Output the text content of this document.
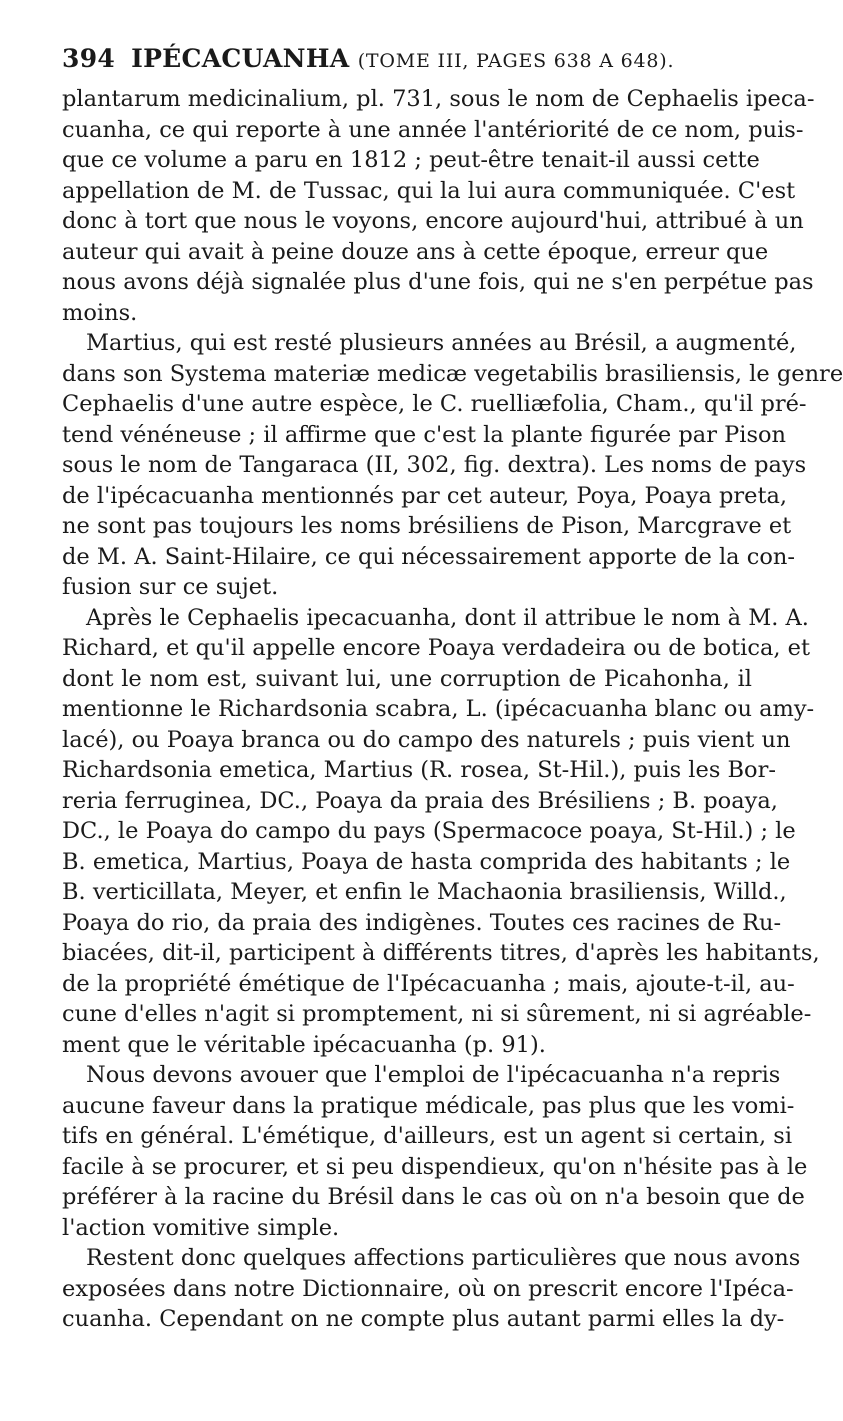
394 IPÉCACUANHA (TOME III, PAGES 638 A 648).
plantarum medicinalium, pl. 731, sous le nom de Cephaelis ipeca-
cuanha, ce qui reporte à une année l'antériorité de ce nom, puis-
que ce volume a paru en 1812 ; peut-être tenait-il aussi cette
appellation de M. de Tussac, qui la lui aura communiquée. C'est
donc à tort que nous le voyons, encore aujourd'hui, attribué à un
auteur qui avait à peine douze ans à cette époque, erreur que
nous avons déjà signalée plus d'une fois, qui ne s'en perpétue pas
moins.
Martius, qui est resté plusieurs années au Brésil, a augmenté,
dans son Systema materiæ medicæ vegetabilis brasiliensis, le genre
Cephaelis d'une autre espèce, le C. ruelliæfolia, Cham., qu'il pré-
tend vénéneuse ; il affirme que c'est la plante figurée par Pison
sous le nom de Tangaraca (II, 302, fig. dextra). Les noms de pays
de l'ipécacuanha mentionnés par cet auteur, Poya, Poaya preta,
ne sont pas toujours les noms brésiliens de Pison, Marcgrave et
de M. A. Saint-Hilaire, ce qui nécessairement apporte de la con-
fusion sur ce sujet.
Après le Cephaelis ipecacuanha, dont il attribue le nom à M. A.
Richard, et qu'il appelle encore Poaya verdadeira ou de botica, et
dont le nom est, suivant lui, une corruption de Picahonha, il
mentionne le Richardsonia scabra, L. (ipécacuanha blanc ou amy-
lacé), ou Poaya branca ou do campo des naturels ; puis vient un
Richardsonia emetica, Martius (R. rosea, St-Hil.), puis les Bor-
reria ferruginea, DC., Poaya da praia des Brésiliens ; B. poaya,
DC., le Poaya do campo du pays (Spermacoce poaya, St-Hil.) ; le
B. emetica, Martius, Poaya de hasta comprida des habitants ; le
B. verticillata, Meyer, et enfin le Machaonia brasiliensis, Willd.,
Poaya do rio, da praia des indigènes. Toutes ces racines de Ru-
biacées, dit-il, participent à différents titres, d'après les habitants,
de la propriété émétique de l'Ipécacuanha ; mais, ajoute-t-il, au-
cune d'elles n'agit si promptement, ni si sûrement, ni si agréable-
ment que le véritable ipécacuanha (p. 91).
Nous devons avouer que l'emploi de l'ipécacuanha n'a repris
aucune faveur dans la pratique médicale, pas plus que les vomi-
tifs en général. L'émétique, d'ailleurs, est un agent si certain, si
facile à se procurer, et si peu dispendieux, qu'on n'hésite pas à le
préférer à la racine du Brésil dans le cas où on n'a besoin que de
l'action vomitive simple.
Restent donc quelques affections particulières que nous avons
exposées dans notre Dictionnaire, où on prescrit encore l'Ipéca-
cuanha. Cependant on ne compte plus autant parmi elles la dy-
